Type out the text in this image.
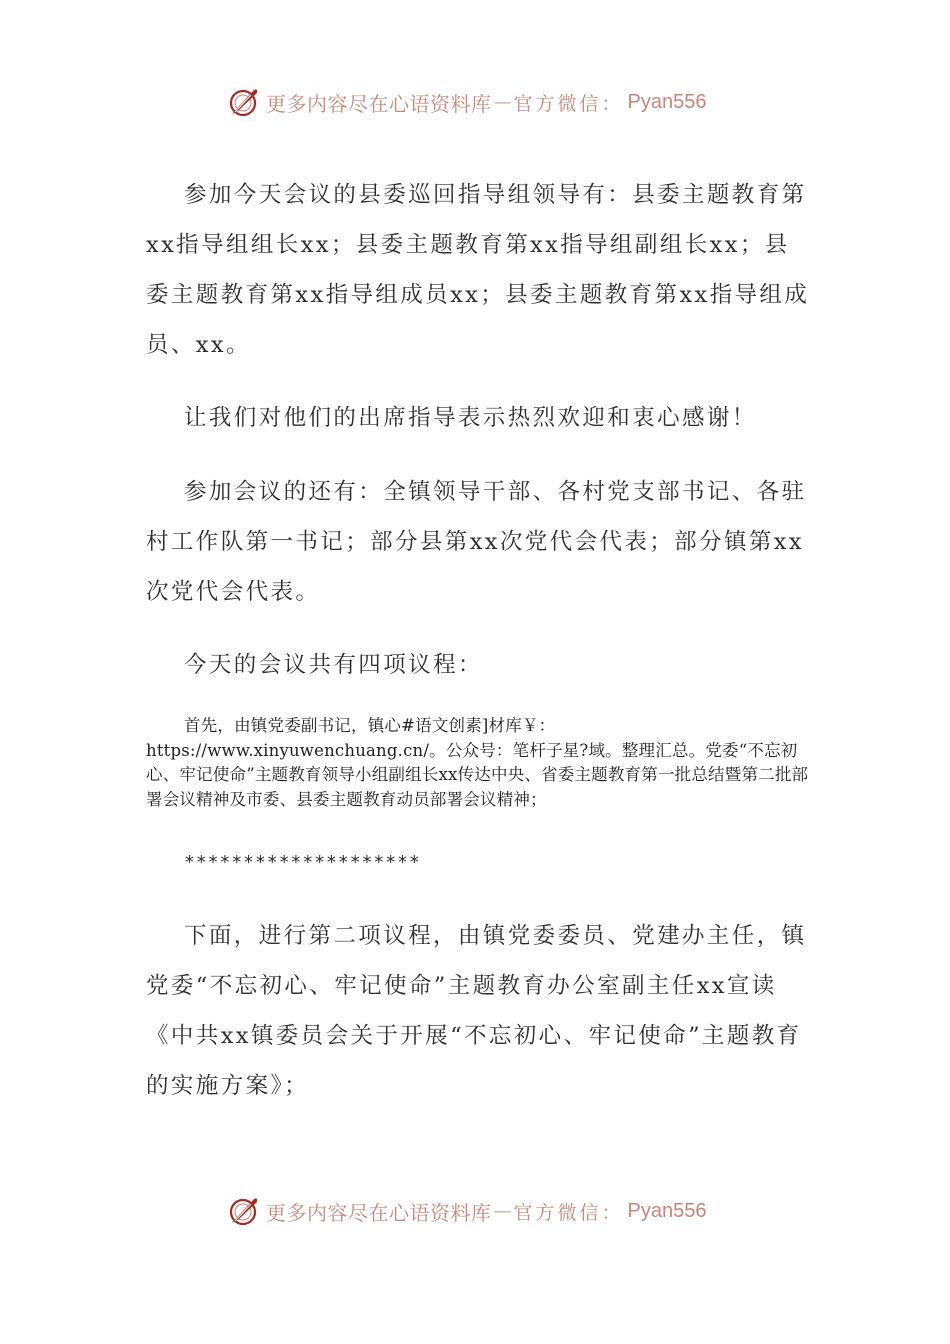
更多内容尽在心语资料库 — 官方微信： Pyan556

参加今天会议的县委巡回指导组领导有：县委主题教育第xx指导组组长xx；县委主题教育第xx指导组副组长xx；县委主题教育第xx指导组成员xx；县委主题教育第xx指导组成员、xx。

让我们对他们的出席指导表示热烈欢迎和衷心感谢！

参加会议的还有：全镇领导干部、各村党支部书记、各驻村工作队第一书记；部分县第xx次党代会代表；部分镇第xx次党代会代表。

今天的会议共有四项议程：

首先，由镇党委副书记，镇心#语文创素]材库￥：https://www.xinyuwenchuang.cn/。公众号：笔杆子星?域。整理汇总。党委“不忘初心、牢记使命”主题教育领导小组副组长xx传达中央、省委主题教育第一批总结暨第二批部署会议精神及市委、县委主题教育动员部署会议精神；

********************

下面，进行第二项议程，由镇党委委员、党建办主任，镇党委“不忘初心、牢记使命”主题教育办公室副主任xx宣读《中共xx镇委员会关于开展“不忘初心、牢记使命”主题教育的实施方案》；

更多内容尽在心语资料库 — 官方微信： Pyan556
